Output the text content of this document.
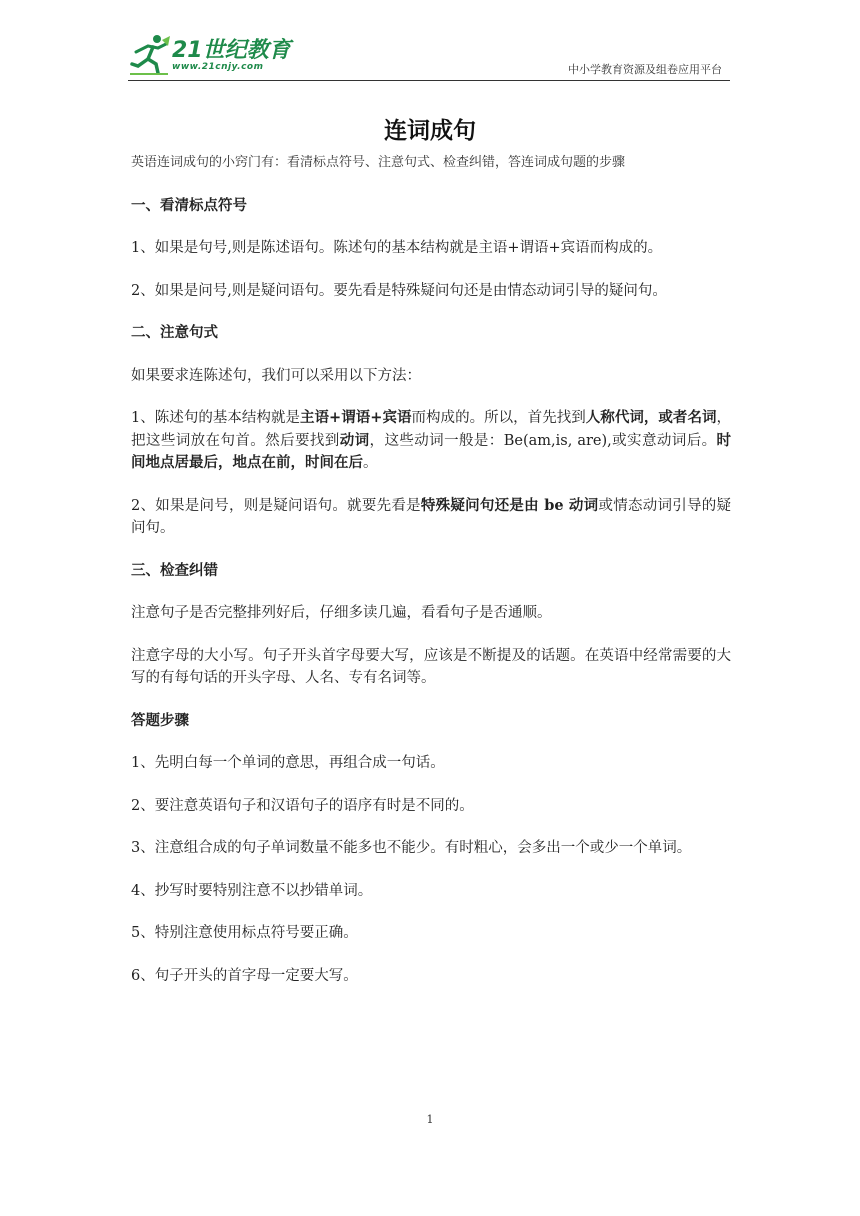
21世纪教育
www.21cnjy.com	中小学教育资源及组卷应用平台
连词成句

英语连词成句的小窍门有：看清标点符号、注意句式、检查纠错，答连词成句题的步骤

一、看清标点符号

1、如果是句号,则是陈述语句。陈述句的基本结构就是主语+谓语+宾语而构成的。

2、如果是问号,则是疑问语句。要先看是特殊疑问句还是由情态动词引导的疑问句。

二、注意句式

如果要求连陈述句，我们可以采用以下方法：

1、陈述句的基本结构就是主语+谓语+宾语而构成的。所以，首先找到人称代词，或者名词，把这些词放在句首。然后要找到动词，这些动词一般是：Be(am,is, are),或实意动词后。时间地点居最后，地点在前，时间在后。

2、如果是问号，则是疑问语句。就要先看是特殊疑问句还是由 be 动词或情态动词引导的疑问句。

三、检查纠错

注意句子是否完整排列好后，仔细多读几遍，看看句子是否通顺。

注意字母的大小写。句子开头首字母要大写，应该是不断提及的话题。在英语中经常需要的大写的有每句话的开头字母、人名、专有名词等。

答题步骤

1、先明白每一个单词的意思，再组合成一句话。

2、要注意英语句子和汉语句子的语序有时是不同的。

3、注意组合成的句子单词数量不能多也不能少。有时粗心，会多出一个或少一个单词。

4、抄写时要特别注意不以抄错单词。

5、特别注意使用标点符号要正确。

6、句子开头的首字母一定要大写。

1
